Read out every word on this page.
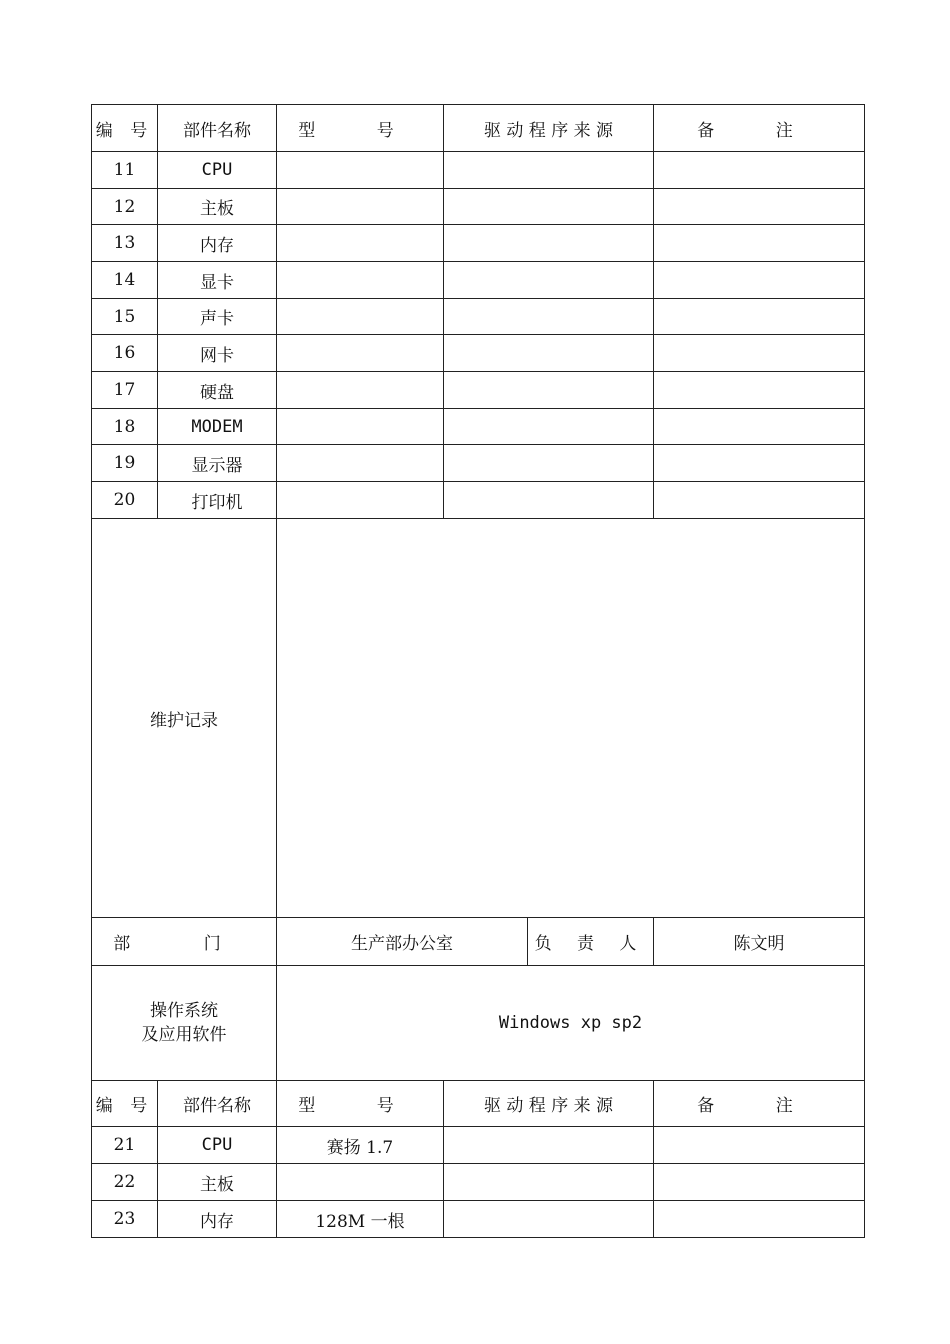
编 号	部件名称	型 号	驱 动 程 序 来 源		备 注
11	CPU				
12	主板				
13	内存				
14	显卡				
15	声卡				
16	网卡				
17	硬盘				
18	MODEM				
19	显示器				
20	打印机				
维护记录					
部 门		生产部办公室		负 责 人	陈文明

操作系统
及应用软件		Windows xp sp2			
编 号	部件名称	型 号	驱 动 程 序 来 源		备 注
21	CPU	赛扬 1.7			
22	主板				
23	内存	128M 一根			
